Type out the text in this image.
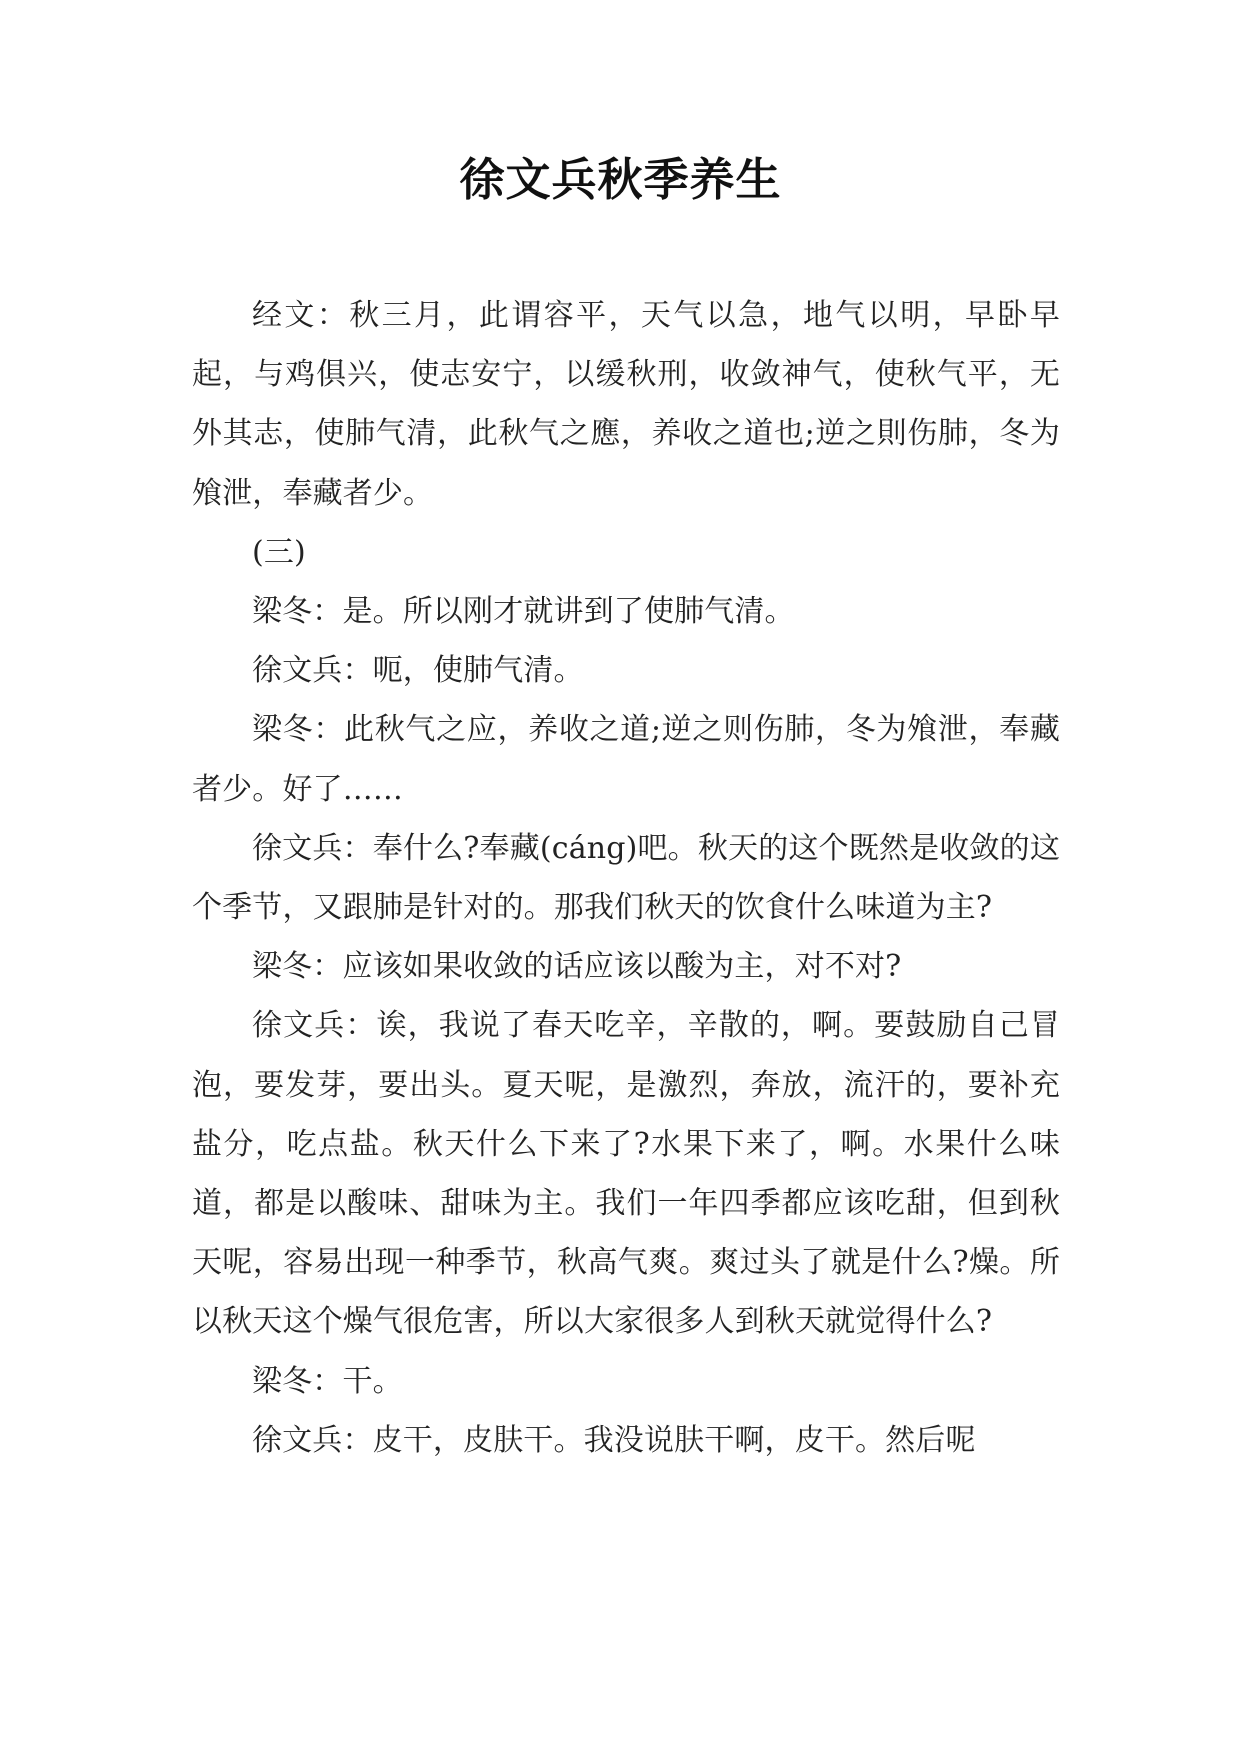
徐文兵秋季养生

经文：秋三月，此谓容平，天气以急，地气以明，早卧早起，与鸡俱兴，使志安宁，以缓秋刑，收敛神气，使秋气平，无外其志，使肺气清，此秋气之應，养收之道也;逆之則伤肺，冬为飧泄，奉藏者少。

(三)

梁冬：是。所以刚才就讲到了使肺气清。

徐文兵：呃，使肺气清。

梁冬：此秋气之应，养收之道;逆之则伤肺，冬为飧泄，奉藏者少。好了……

徐文兵：奉什么?奉藏(cáng)吧。秋天的这个既然是收敛的这个季节，又跟肺是针对的。那我们秋天的饮食什么味道为主?

梁冬：应该如果收敛的话应该以酸为主，对不对?

徐文兵：诶，我说了春天吃辛，辛散的，啊。要鼓励自己冒泡，要发芽，要出头。夏天呢，是激烈，奔放，流汗的，要补充盐分，吃点盐。秋天什么下来了?水果下来了，啊。水果什么味道，都是以酸味、甜味为主。我们一年四季都应该吃甜，但到秋天呢，容易出现一种季节，秋高气爽。爽过头了就是什么?燥。所以秋天这个燥气很危害，所以大家很多人到秋天就觉得什么?

梁冬：干。

徐文兵：皮干，皮肤干。我没说肤干啊，皮干。然后呢
